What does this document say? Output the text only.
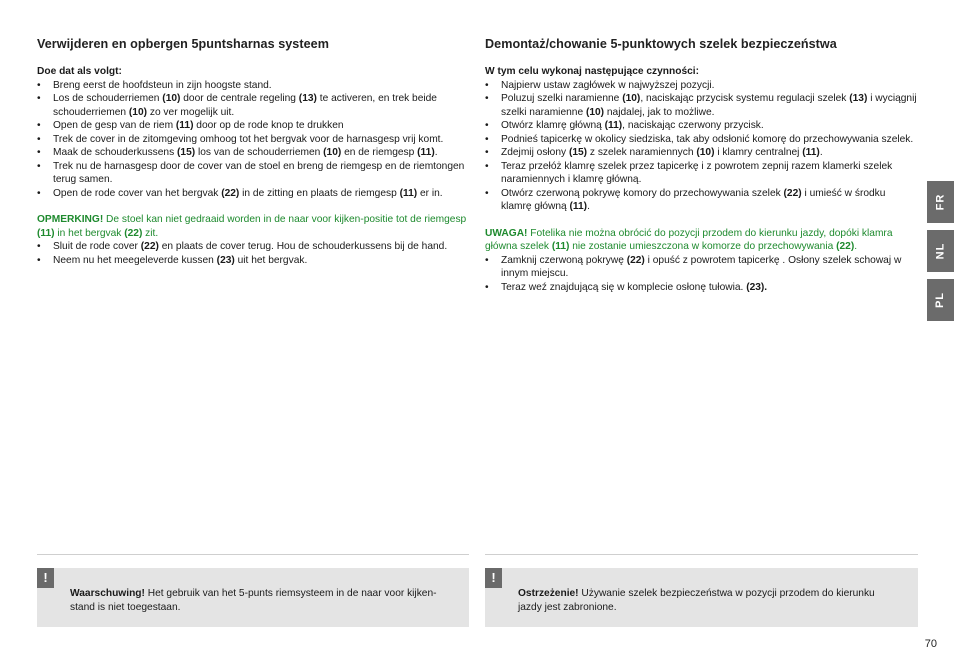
Verwijderen en opbergen 5puntsharnas systeem

Doe dat als volgt:

• Breng eerst de hoofdsteun in zijn hoogste stand.
• Los de schouderriemen (10) door de centrale regeling (13) te activeren, en trek beide schouderriemen (10) zo ver mogelijk uit.
• Open de gesp van de riem (11) door op de rode knop te drukken
• Trek de cover in de zitomgeving omhoog tot het bergvak voor de harnasgesp vrij komt.
• Maak de schouderkussens (15) los van de schouderriemen (10) en de riemgesp (11).
• Trek nu de harnasgesp door de cover van de stoel en breng de riemgesp en de riemtongen terug samen.
• Open de rode cover van het bergvak (22) in de zitting en plaats de riemgesp (11) er in.

OPMERKING! De stoel kan niet gedraaid worden in de naar voor kijken-positie tot de riemgesp (11) in het bergvak (22) zit.

• Sluit de rode cover (22) en plaats de cover terug. Hou de schouderkussens bij de hand.
• Neem nu het meegeleverde kussen (23) uit het bergvak.
Demontaż/chowanie 5-punktowych szelek bezpieczeństwa

W tym celu wykonaj następujące czynności:

• Najpierw ustaw zagłówek w najwyższej pozycji.
• Poluzuj szelki naramienne (10), naciskając przycisk systemu regulacji szelek (13) i wyciągnij szelki naramienne (10) najdalej, jak to możliwe.
• Otwórz klamrę główną (11), naciskając czerwony przycisk.
• Podnieś tapicerkę w okolicy siedziska, tak aby odsłonić komorę do przechowywania szelek.
• Zdejmij osłony (15) z szelek naramiennych (10) i klamry centralnej (11).
• Teraz przełóż klamrę szelek przez tapicerkę i z powrotem zepnij razem klamerki szelek naramiennych i klamrę główną.
• Otwórz czerwoną pokrywę komory do przechowywania szelek (22) i umieść w środku klamrę główną (11).

UWAGA! Fotelika nie można obrócić do pozycji przodem do kierunku jazdy, dopóki klamra główna szelek (11) nie zostanie umieszczona w komorze do przechowywania (22).

• Zamknij czerwoną pokrywę (22) i opuść z powrotem tapicerkę . Osłony szelek schowaj w innym miejscu.
• Teraz weź znajdującą się w komplecie osłonę tułowia. (23).
!
Waarschuwing! Het gebruik van het 5-punts riemsysteem in de naar voor kijken-stand is niet toegestaan.
!
Ostrzeżenie! Używanie szelek bezpieczeństwa w pozycji przodem do kierunku jazdy jest zabronione.
FR
NL
PL
70
